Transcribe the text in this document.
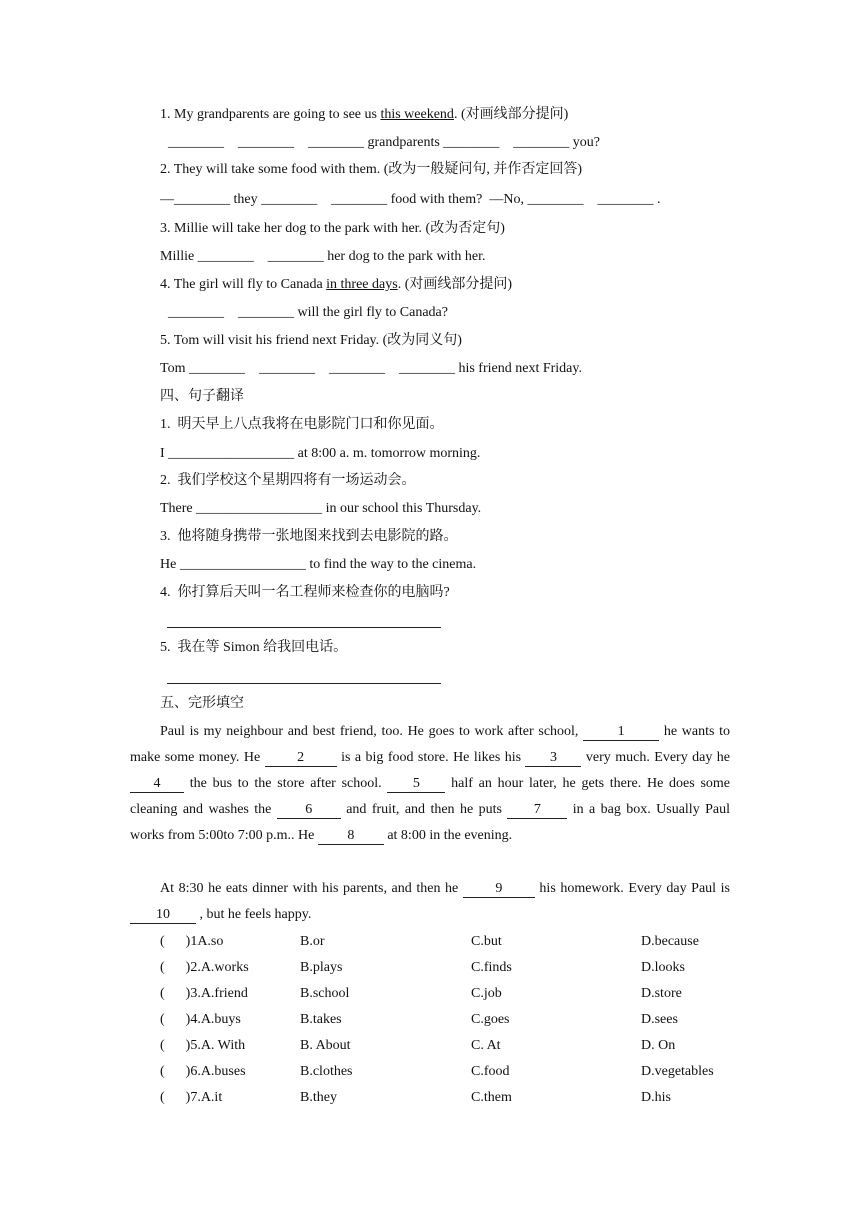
1. My grandparents are going to see us this weekend. (对画线部分提问)
________    ________    ________ grandparents ________    ________ you?
2. They will take some food with them. (改为一般疑问句, 并作否定回答)
—________ they ________    ________ food with them?  —No, ________    ________ .
3. Millie will take her dog to the park with her. (改为否定句)
Millie ________    ________ her dog to the park with her.
4. The girl will fly to Canada in three days. (对画线部分提问)
________    ________ will the girl fly to Canada?
5. Tom will visit his friend next Friday. (改为同义句)
Tom ________    ________    ________    ________ his friend next Friday.
四、句子翻译
1.  明天早上八点我将在电影院门口和你见面。
I __________________ at 8:00 a. m. tomorrow morning.
2.  我们学校这个星期四将有一场运动会。
There __________________ in our school this Thursday.
3.  他将随身携带一张地图来找到去电影院的路。
He __________________ to find the way to the cinema.
4.  你打算后天叫一名工程师来检查你的电脑吗?
5.  我在等 Simon 给我回电话。
五、完形填空
Paul is my neighbour and best friend, too. He goes to work after school, 1 he wants to make some money. He 2 is a big food store. He likes his 3 very much. Every day he 4 the bus to the store after school. 5 half an hour later, he gets there. He does some cleaning and washes the 6 and fruit, and then he puts 7 in a bag box. Usually Paul works from 5:00to 7:00 p.m.. He 8 at 8:00 in the evening.
At 8:30 he eats dinner with his parents, and then he 9 his homework. Every day Paul is 10 , but he feels happy.
(      )1A.so	B.or	C.but	D.because
(      )2.A.works	B.plays	C.finds	D.looks
(      )3.A.friend	B.school	C.job	D.store
(      )4.A.buys	B.takes	C.goes	D.sees
(      )5.A. With	B. About	C. At	D. On
(      )6.A.buses	B.clothes	C.food	D.vegetables
(      )7.A.it	B.they	C.them	D.his
